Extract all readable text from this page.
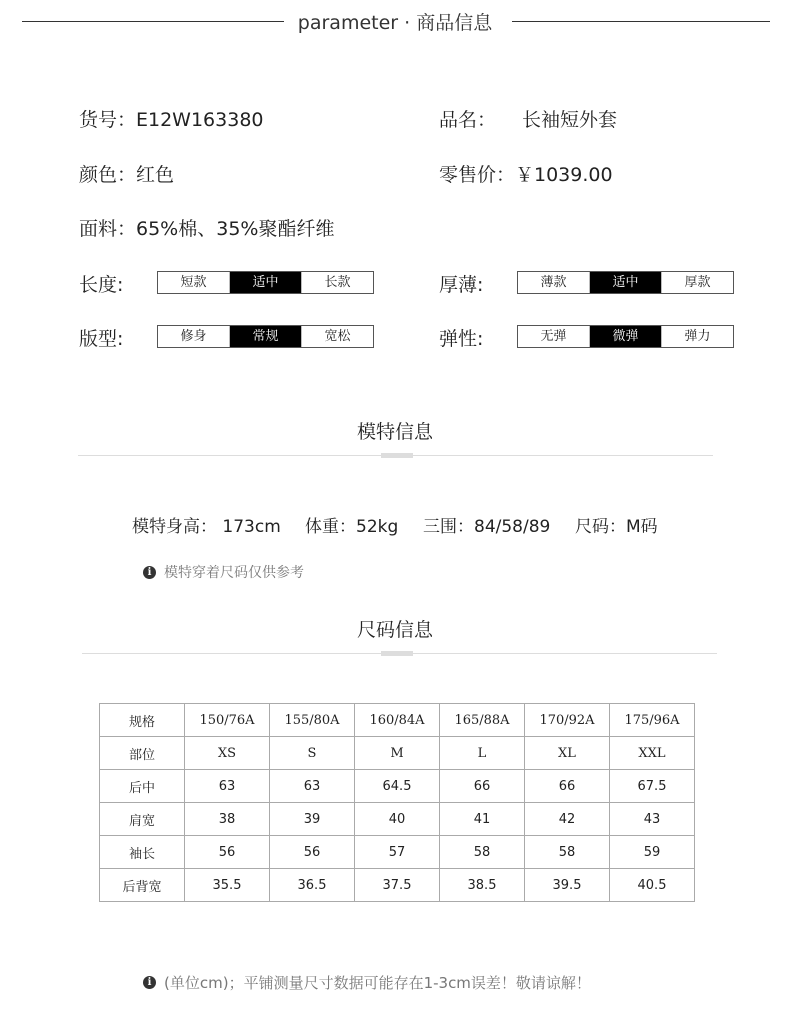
parameter · 商品信息
货号：E12W163380	品名： 长袖短外套
颜色：红色	零售价：￥1039.00
面料：65%棉、35%聚酯纤维
长度:	短款	适中	长款	厚薄:	薄款	适中	厚款
版型:	修身	常规	宽松	弹性:	无弹	微弹	弹力
模特信息
模特身高： 173cm 体重：52kg 三围：84/58/89 尺码：M码
i 模特穿着尺码仅供参考
尺码信息
规格	150/76A	155/80A	160/84A	165/88A	170/92A	175/96A
部位	XS	S	M	L	XL	XXL
后中	63	63	64.5	66	66	67.5
肩宽	38	39	40	41	42	43
袖长	56	56	57	58	58	59
后背宽	35.5	36.5	37.5	38.5	39.5	40.5
i (单位cm)；平铺测量尺寸数据可能存在1-3cm误差！敬请谅解！
